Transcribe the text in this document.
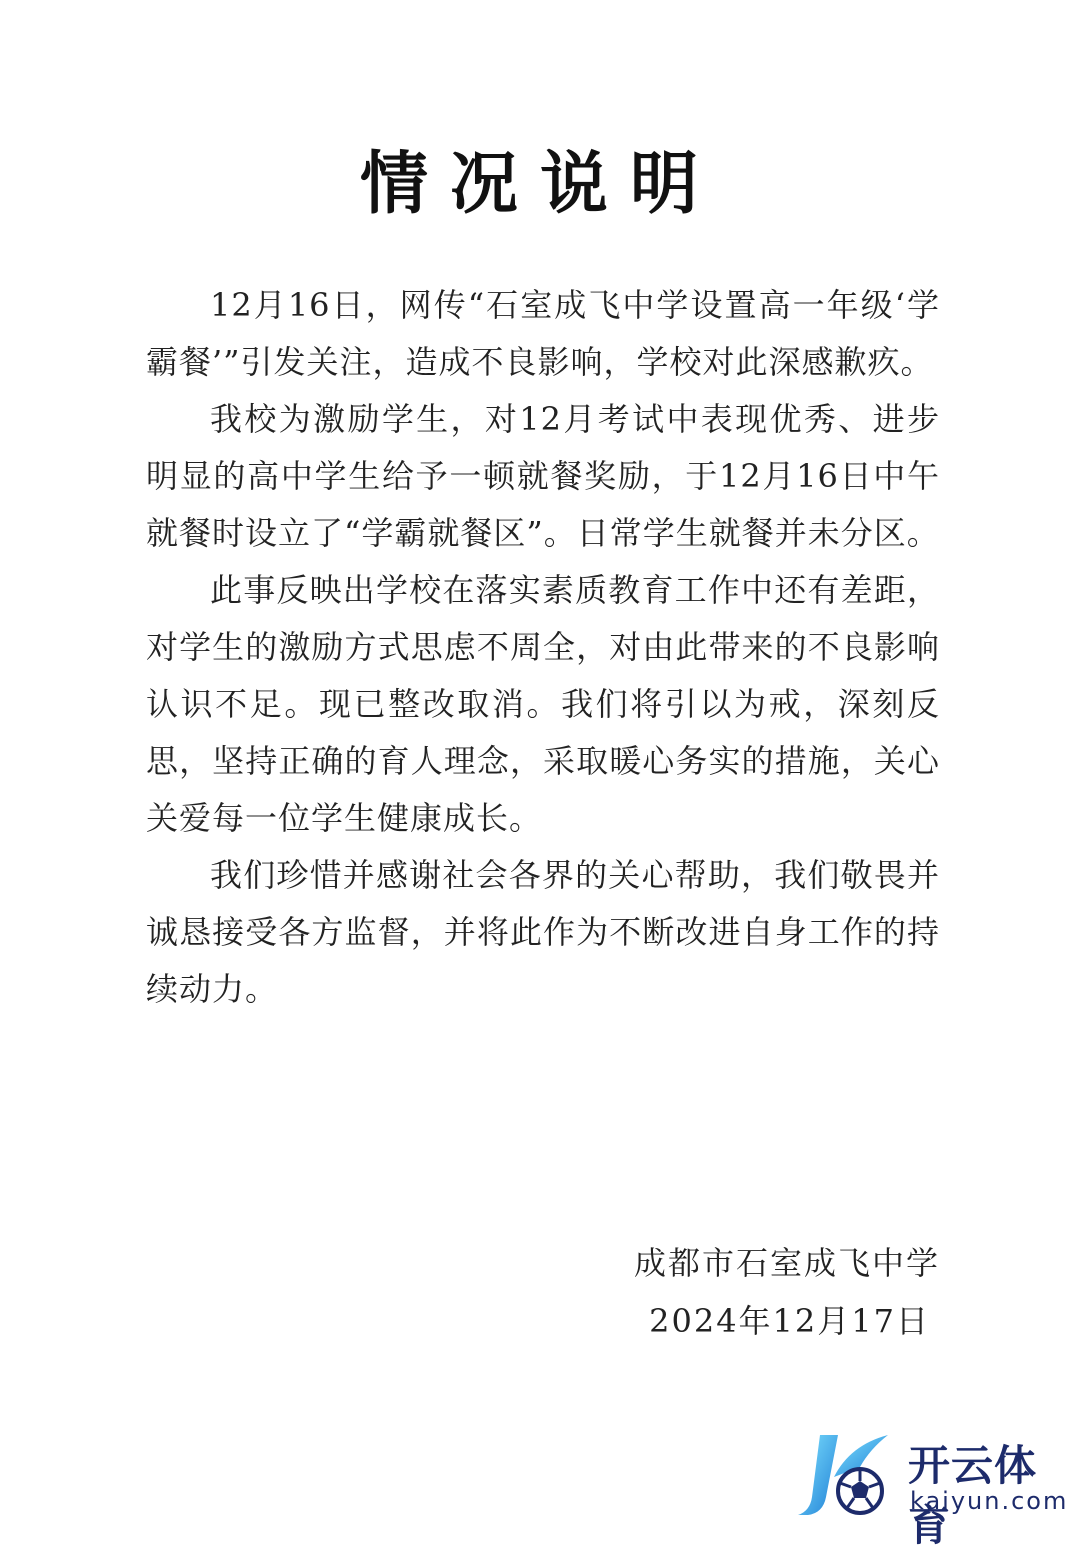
情况说明

12月16日，网传“石室成飞中学设置高一年级‘学霸餐’”引发关注，造成不良影响，学校对此深感歉疚。

我校为激励学生，对12月考试中表现优秀、进步明显的高中学生给予一顿就餐奖励，于12月16日中午就餐时设立了“学霸就餐区”。日常学生就餐并未分区。

此事反映出学校在落实素质教育工作中还有差距，对学生的激励方式思虑不周全，对由此带来的不良影响认识不足。现已整改取消。我们将引以为戒，深刻反思，坚持正确的育人理念，采取暖心务实的措施，关心关爱每一位学生健康成长。

我们珍惜并感谢社会各界的关心帮助，我们敬畏并诚恳接受各方监督，并将此作为不断改进自身工作的持续动力。

成都市石室成飞中学
2024年12月17日
开云体育
kaiyun.com
